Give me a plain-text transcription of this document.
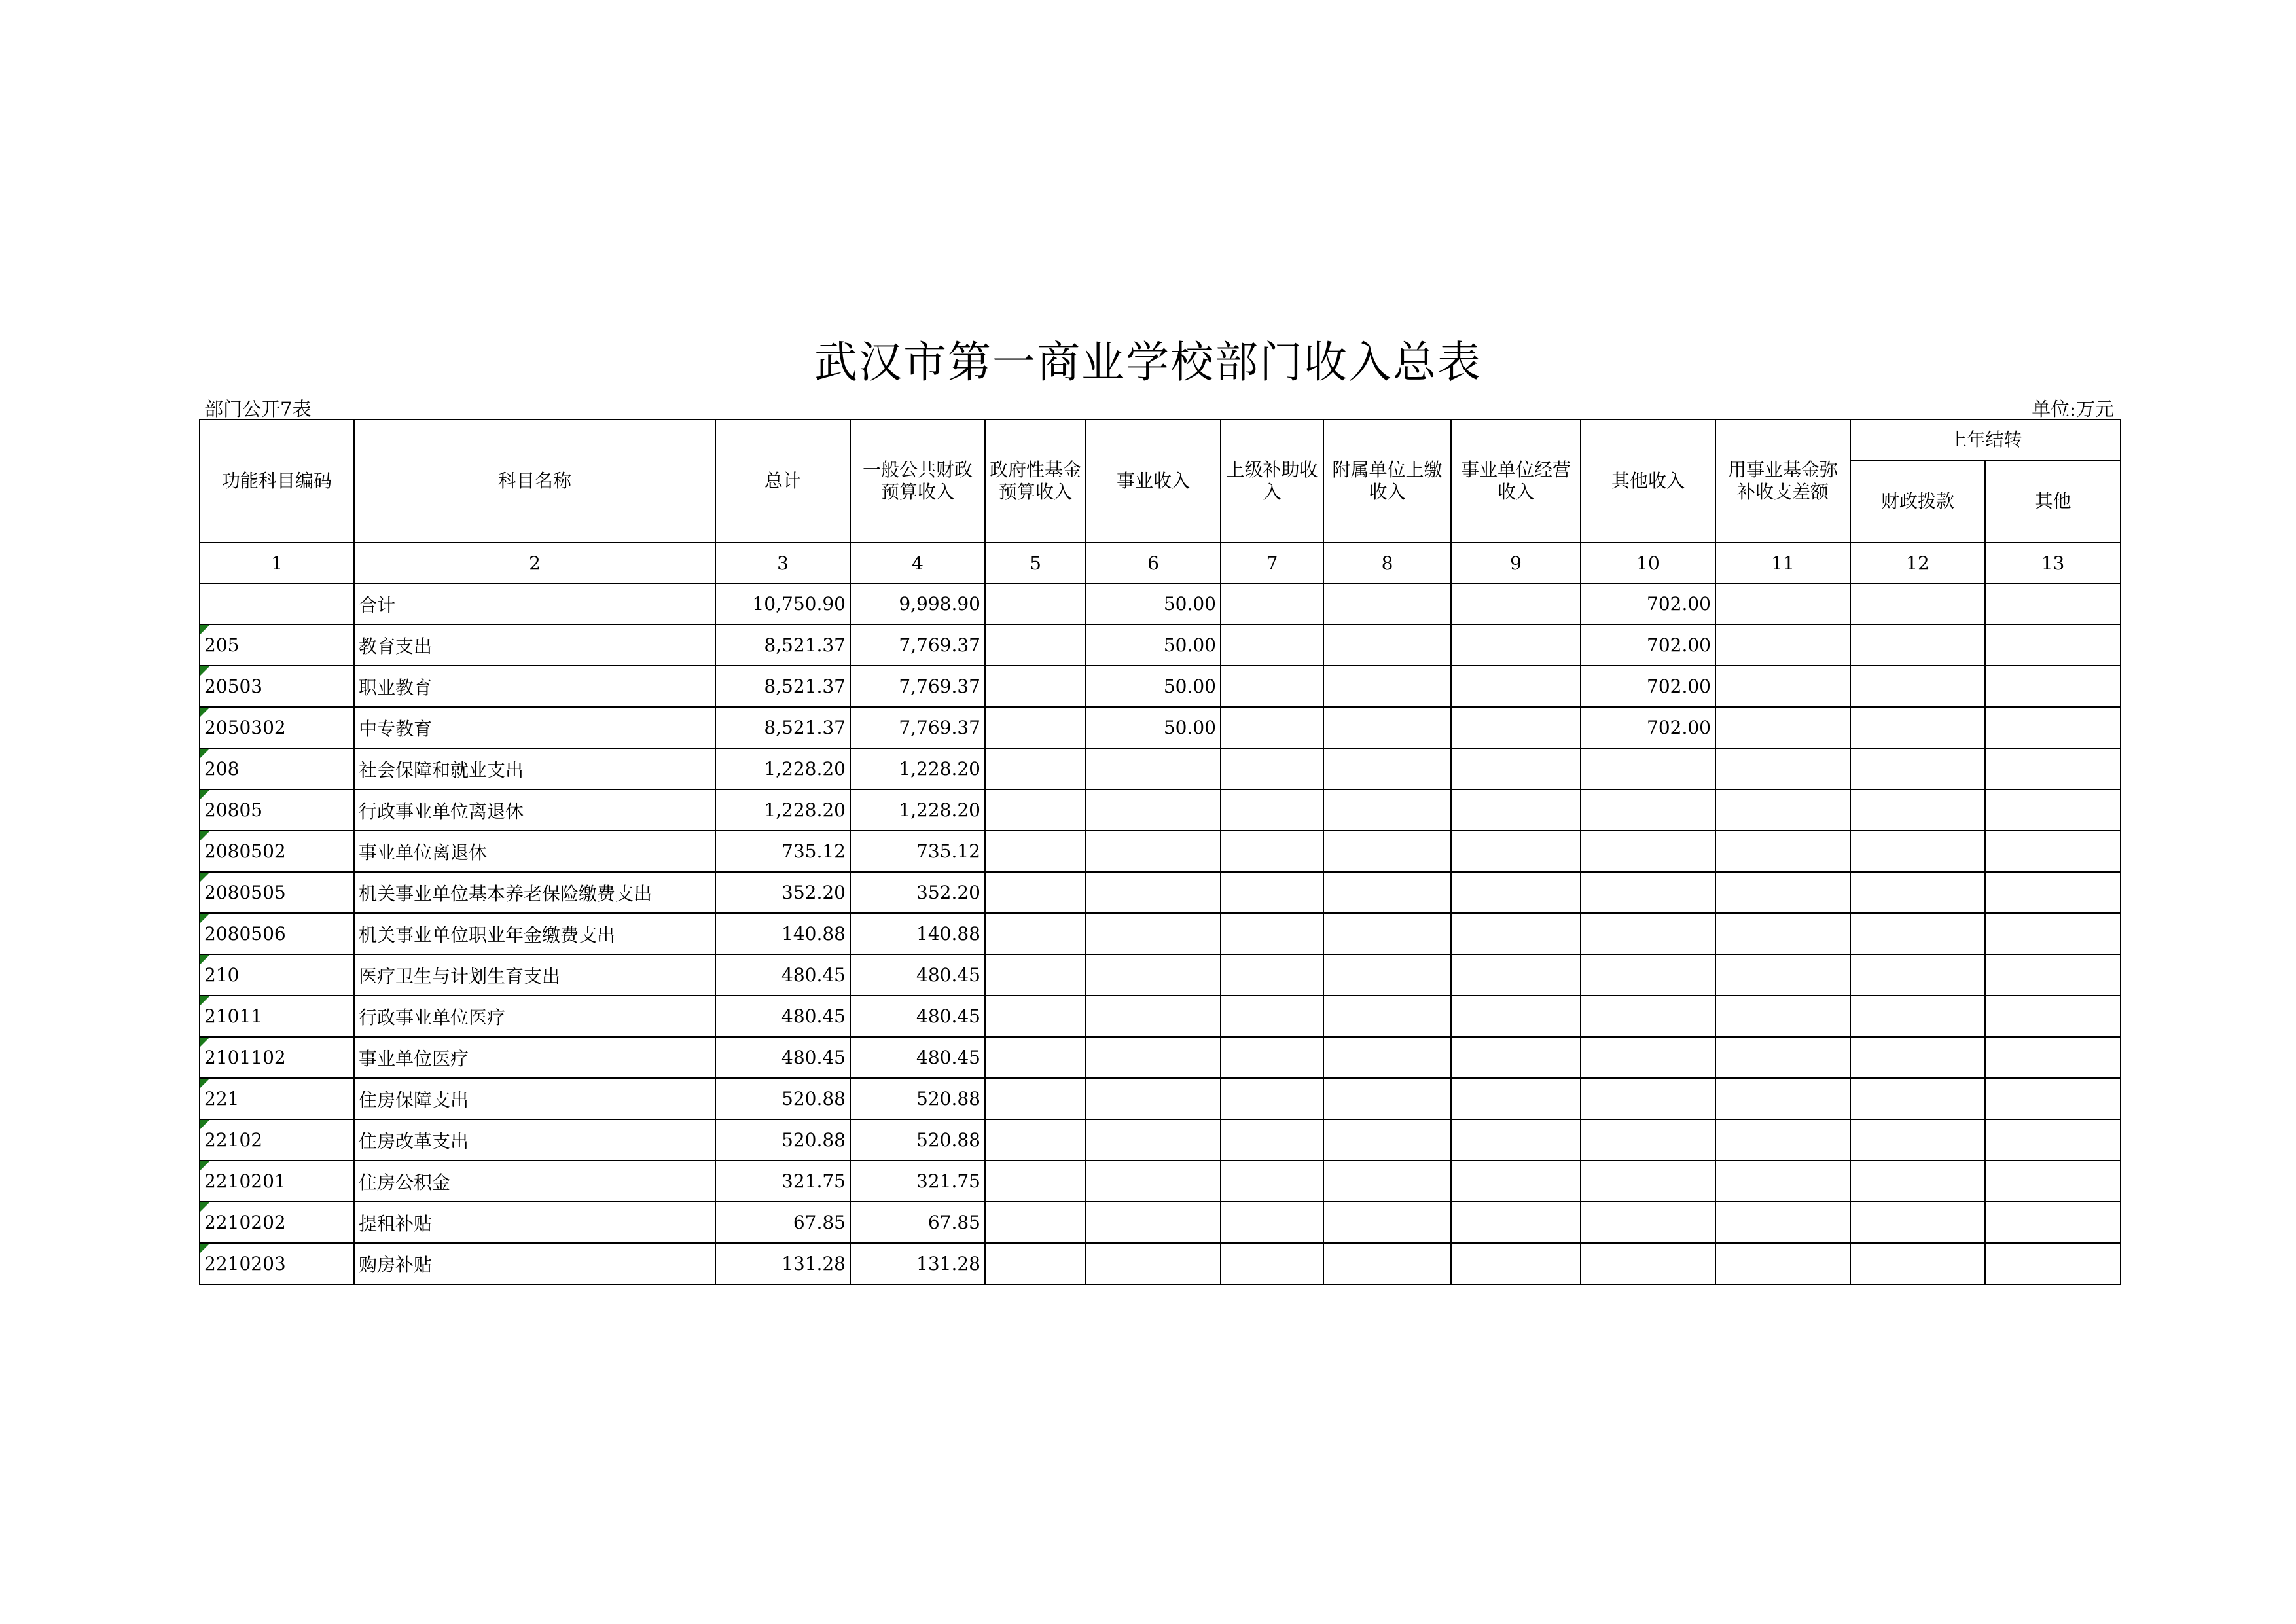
武汉市第一商业学校部门收入总表
部门公开7表	单位:万元
功能科目编码	科目名称	总计	一般公共财政预算收入	政府性基金预算收入	事业收入	上级补助收入	附属单位上缴收入	事业单位经营收入	其他收入	用事业基金弥补收支差额	上年结转	
											财政拨款	其他
1	2	3	4	5	6	7	8	9	10	11	12	13
	合计	10,750.90	9,998.90		50.00				702.00			

205	教育支出	8,521.37	7,769.37		50.00				702.00			

20503	职业教育	8,521.37	7,769.37		50.00				702.00			

2050302	中专教育	8,521.37	7,769.37		50.00				702.00			

208	社会保障和就业支出	1,228.20	1,228.20									

20805	行政事业单位离退休	1,228.20	1,228.20									

2080502	事业单位离退休	735.12	735.12									

2080505	机关事业单位基本养老保险缴费支出	352.20	352.20									

2080506	机关事业单位职业年金缴费支出	140.88	140.88									

210	医疗卫生与计划生育支出	480.45	480.45									

21011	行政事业单位医疗	480.45	480.45									

2101102	事业单位医疗	480.45	480.45									

221	住房保障支出	520.88	520.88									

22102	住房改革支出	520.88	520.88									

2210201	住房公积金	321.75	321.75									

2210202	提租补贴	67.85	67.85									

2210203	购房补贴	131.28	131.28									
